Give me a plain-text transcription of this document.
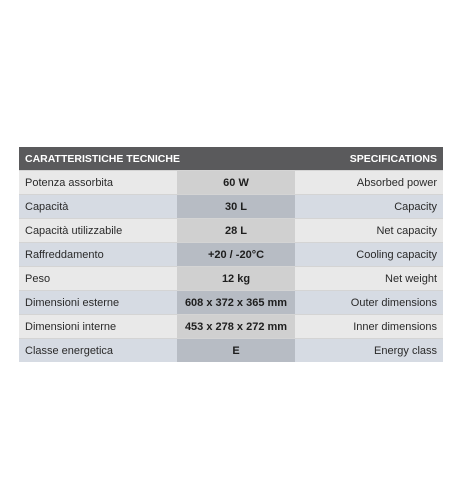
CARATTERISTICHE TECNICHE		SPECIFICATIONS
Potenza assorbita	60 W	Absorbed power
Capacità	30 L	Capacity
Capacità utilizzabile	28 L	Net capacity
Raffreddamento	+20 / -20°C	Cooling capacity
Peso	12 kg	Net weight
Dimensioni esterne	608 x 372 x 365 mm	Outer dimensions
Dimensioni interne	453 x 278 x 272 mm	Inner dimensions
Classe energetica	E	Energy class
